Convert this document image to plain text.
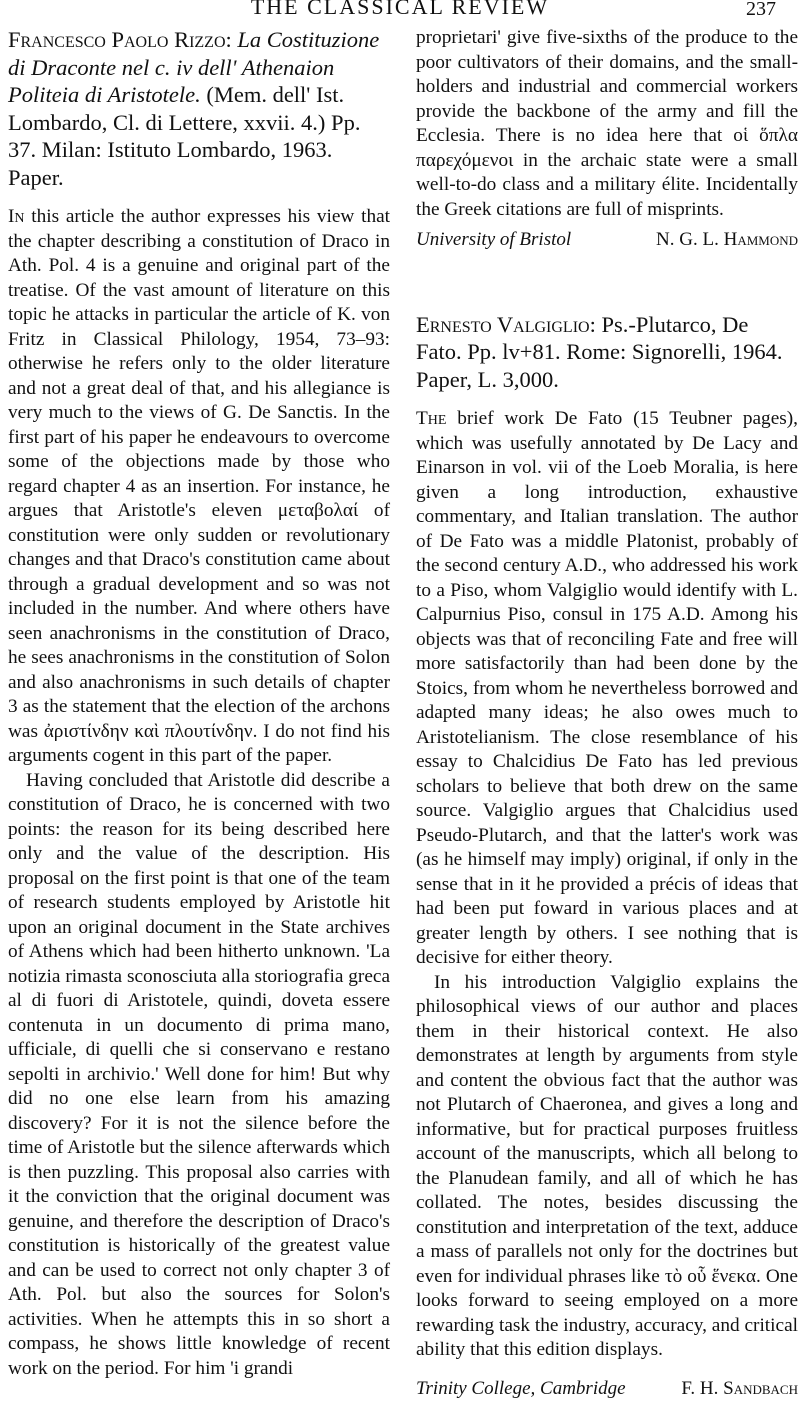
THE CLASSICAL REVIEW	237
Francesco Paolo Rizzo: La Costituzione di Draconte nel c. iv dell' Athenaion Politeia di Aristotele. (Mem. dell' Ist. Lombardo, Cl. di Lettere, xxvii. 4.) Pp. 37. Milan: Istituto Lombardo, 1963. Paper.

In this article the author expresses his view that the chapter describing a constitution of Draco in Ath. Pol. 4 is a genuine and original part of the treatise. Of the vast amount of literature on this topic he attacks in particular the article of K. von Fritz in Classical Philology, 1954, 73–93: otherwise he refers only to the older literature and not a great deal of that, and his allegiance is very much to the views of G. De Sanctis. In the first part of his paper he endeavours to overcome some of the objections made by those who regard chapter 4 as an insertion. For instance, he argues that Aristotle's eleven μεταβολαί of constitution were only sudden or revolutionary changes and that Draco's constitution came about through a gradual development and so was not included in the number. And where others have seen anachronisms in the constitution of Draco, he sees anachronisms in the constitution of Solon and also anachronisms in such details of chapter 3 as the statement that the election of the archons was ἀριστίνδην καὶ πλουτίνδην. I do not find his arguments cogent in this part of the paper.

Having concluded that Aristotle did describe a constitution of Draco, he is concerned with two points: the reason for its being described here only and the value of the description. His proposal on the first point is that one of the team of research students employed by Aristotle hit upon an original document in the State archives of Athens which had been hitherto unknown. 'La notizia rimasta sconosciuta alla storiografia greca al di fuori di Aristotele, quindi, doveta essere contenuta in un documento di prima mano, ufficiale, di quelli che si conservano e restano sepolti in archivio.' Well done for him! But why did no one else learn from his amazing discovery? For it is not the silence before the time of Aristotle but the silence afterwards which is then puzzling. This proposal also carries with it the conviction that the original document was genuine, and therefore the description of Draco's constitution is historically of the greatest value and can be used to correct not only chapter 3 of Ath. Pol. but also the sources for Solon's activities. When he attempts this in so short a compass, he shows little knowledge of recent work on the period. For him 'i grandi

proprietari' give five-sixths of the produce to the poor cultivators of their domains, and the small-holders and industrial and commercial workers provide the backbone of the army and fill the Ecclesia. There is no idea here that οἱ ὅπλα παρεχόμενοι in the archaic state were a small well-to-do class and a military élite. Incidentally the Greek citations are full of misprints.

University of Bristol	N. G. L. Hammond
Ernesto Valgiglio: Ps.-Plutarco, De Fato. Pp. lv+81. Rome: Signorelli, 1964. Paper, L. 3,000.

The brief work De Fato (15 Teubner pages), which was usefully annotated by De Lacy and Einarson in vol. vii of the Loeb Moralia, is here given a long introduction, exhaustive commentary, and Italian translation. The author of De Fato was a middle Platonist, probably of the second century A.D., who addressed his work to a Piso, whom Valgiglio would identify with L. Calpurnius Piso, consul in 175 A.D. Among his objects was that of reconciling Fate and free will more satisfactorily than had been done by the Stoics, from whom he nevertheless borrowed and adapted many ideas; he also owes much to Aristotelianism. The close resemblance of his essay to Chalcidius De Fato has led previous scholars to believe that both drew on the same source. Valgiglio argues that Chalcidius used Pseudo-Plutarch, and that the latter's work was (as he himself may imply) original, if only in the sense that in it he provided a précis of ideas that had been put foward in various places and at greater length by others. I see nothing that is decisive for either theory.

In his introduction Valgiglio explains the philosophical views of our author and places them in their historical context. He also demonstrates at length by arguments from style and content the obvious fact that the author was not Plutarch of Chaeronea, and gives a long and informative, but for practical purposes fruitless account of the manuscripts, which all belong to the Planudean family, and all of which he has collated. The notes, besides discussing the constitution and interpretation of the text, adduce a mass of parallels not only for the doctrines but even for individual phrases like τὸ οὗ ἕνεκα. One looks forward to seeing employed on a more rewarding task the industry, accuracy, and critical ability that this edition displays.

Trinity College, Cambridge	F. H. Sandbach
